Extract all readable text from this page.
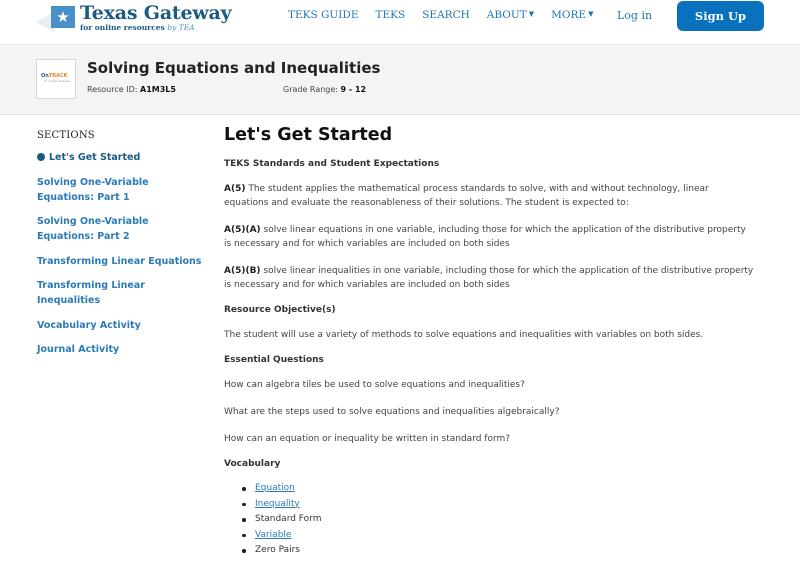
★ Texas Gateway
for online resources by TEA
TEKS GUIDE TEKS SEARCH ABOUT ▼ MORE ▼ Log in	Sign Up
OnTRACK
for college readiness
Solving Equations and Inequalities
Resource ID: A1M3L5	Grade Range: 9 - 12
SECTIONS
Let's Get Started
Solving One-Variable Equations: Part 1
Solving One-Variable Equations: Part 2
Transforming Linear Equations
Transforming Linear Inequalities
Vocabulary Activity
Journal Activity
Let's Get Started
TEKS Standards and Student Expectations
A(5) The student applies the mathematical process standards to solve, with and without technology, linear equations and evaluate the reasonableness of their solutions. The student is expected to:
A(5)(A) solve linear equations in one variable, including those for which the application of the distributive property is necessary and for which variables are included on both sides
A(5)(B) solve linear inequalities in one variable, including those for which the application of the distributive property is necessary and for which variables are included on both sides
Resource Objective(s)
The student will use a variety of methods to solve equations and inequalities with variables on both sides.
Essential Questions
How can algebra tiles be used to solve equations and inequalities?
What are the steps used to solve equations and inequalities algebraically?
How can an equation or inequality be written in standard form?
Vocabulary
Equation
Inequality
Standard Form
Variable
Zero Pairs
